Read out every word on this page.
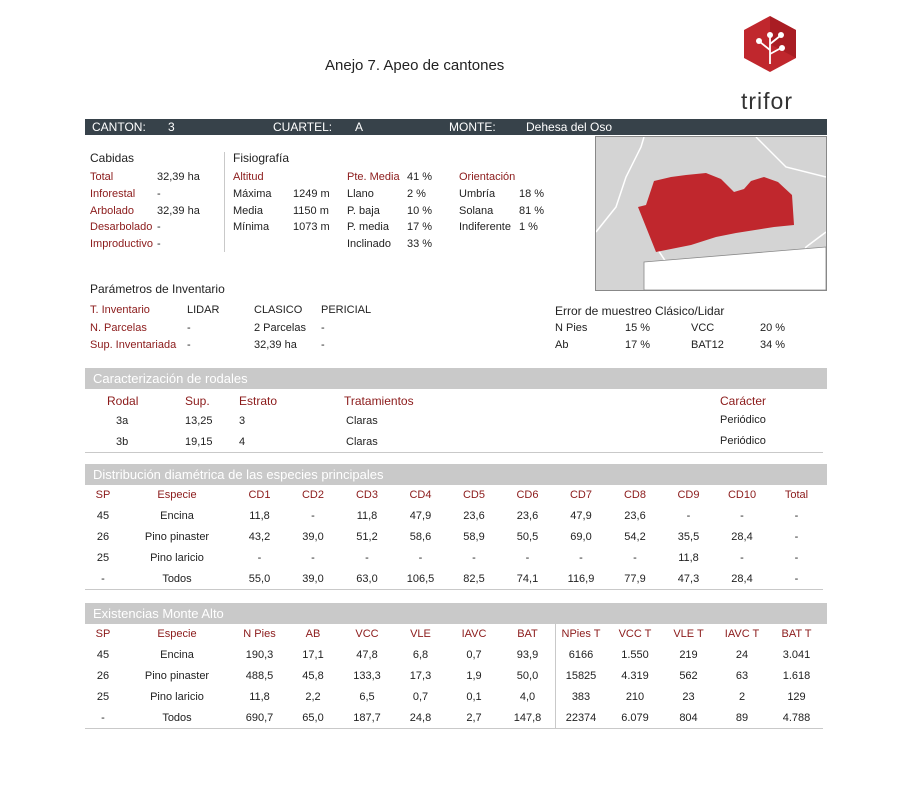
Anejo 7. Apeo de cantones
trifor
CANTON: 3	CUARTEL: A	MONTE:	Dehesa del Oso
Cabidas
Total	32,39 ha
Inforestal -
Arbolado 32,39 ha
Desarbolado -
Improductivo -
Fisiografía
Altitud
Máxima 1249 m
Media	1150 m
Mínima 1073 m
Pte. Media 41 %
Llano	2 %
P. baja 10 %
P. media 17 %
Inclinado 33 %
Orientación
Umbría 18 %
Solana 81 %
Indiferente 1 %
Parámetros de Inventario
T. Inventario	LIDAR	CLASICO PERICIAL
N. Parcelas	-	2 Parcelas -
Sup. Inventariada -	32,39 ha -
Error de muestreo Clásico/Lidar
N Pies	15 %	VCC	20 %
Ab	17 %	BAT12	34 %
Caracterización de rodales
Rodal	Sup. Estrato	Tratamientos	Carácter
3a	13,25 3	Claras	Periódico
3b	19,15 4	Claras	Periódico
Distribución diamétrica de las especies principales
SP	Especie	CD1	CD2	CD3	CD4	CD5	CD6	CD7	CD8	CD9	CD10	Total
45	Encina	11,8	-	11,8	47,9	23,6	23,6	47,9	23,6	-	-	-
26	Pino pinaster	43,2	39,0	51,2	58,6	58,9	50,5	69,0	54,2	35,5	28,4	-
25	Pino laricio	-	-	-	-	-	-	-	-	11,8	-	-
-	Todos	55,0	39,0	63,0	106,5	82,5	74,1	116,9	77,9	47,3	28,4	-
Existencias Monte Alto
SP	Especie	N Pies	AB	VCC	VLE	IAVC	BAT	NPies T	VCC T	VLE T	IAVC T	BAT T
45	Encina	190,3	17,1	47,8	6,8	0,7	93,9	6166	1.550	219	24	3.041
26	Pino pinaster	488,5	45,8	133,3	17,3	1,9	50,0	15825	4.319	562	63	1.618
25	Pino laricio	11,8	2,2	6,5	0,7	0,1	4,0	383	210	23	2	129
-	Todos	690,7	65,0	187,7	24,8	2,7	147,8	22374	6.079	804	89	4.788
